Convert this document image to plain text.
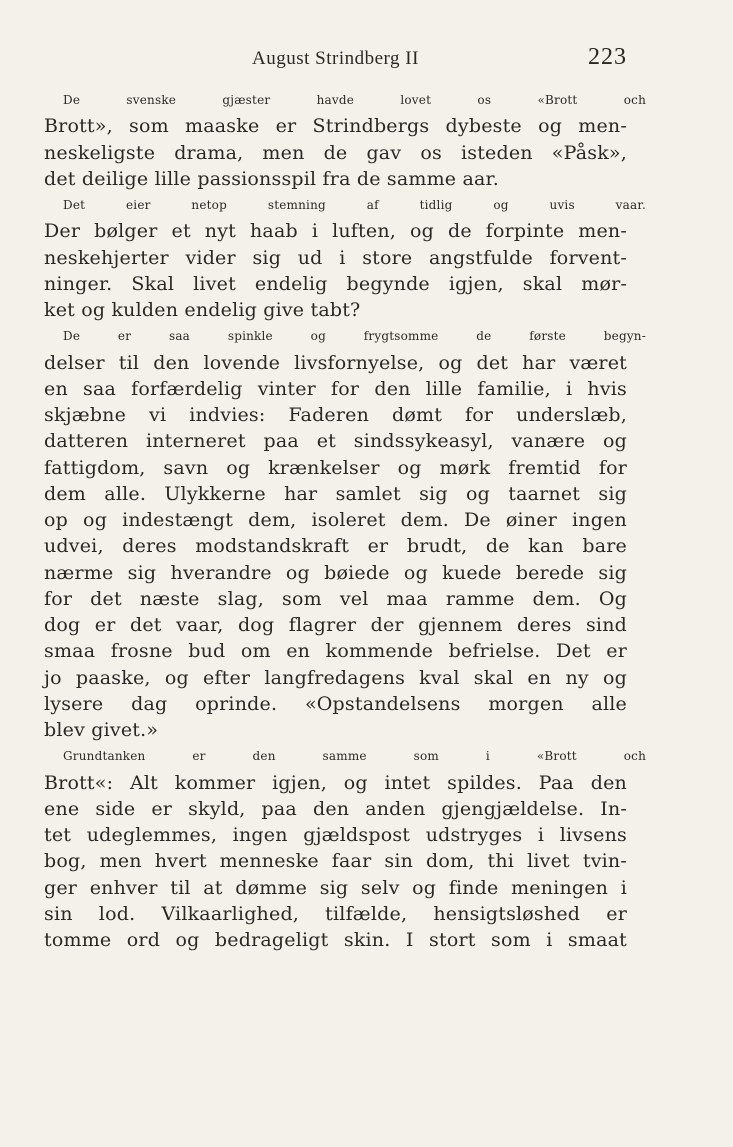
August Strindberg II	223
De svenske gjæster havde lovet os «Brott och
Brott», som maaske er Strindbergs dybeste og men-
neskeligste drama, men de gav os isteden «Påsk»,
det deilige lille passionsspil fra de samme aar.
Det eier netop stemning af tidlig og uvis vaar.
Der bølger et nyt haab i luften, og de forpinte men-
neskehjerter vider sig ud i store angstfulde forvent-
ninger. Skal livet endelig begynde igjen, skal mør-
ket og kulden endelig give tabt?
De er saa spinkle og frygtsomme de første begyn-
delser til den lovende livsfornyelse, og det har været
en saa forfærdelig vinter for den lille familie, i hvis
skjæbne vi indvies: Faderen dømt for underslæb,
datteren interneret paa et sindssykeasyl, vanære og
fattigdom, savn og krænkelser og mørk fremtid for
dem alle. Ulykkerne har samlet sig og taarnet sig
op og indestængt dem, isoleret dem. De øiner ingen
udvei, deres modstandskraft er brudt, de kan bare
nærme sig hverandre og bøiede og kuede berede sig
for det næste slag, som vel maa ramme dem. Og
dog er det vaar, dog flagrer der gjennem deres sind
smaa frosne bud om en kommende befrielse. Det er
jo paaske, og efter langfredagens kval skal en ny og
lysere dag oprinde. «Opstandelsens morgen alle
blev givet.»
Grundtanken er den samme som i «Brott och
Brott«: Alt kommer igjen, og intet spildes. Paa den
ene side er skyld, paa den anden gjengjældelse. In-
tet udeglemmes, ingen gjældspost udstryges i livsens
bog, men hvert menneske faar sin dom, thi livet tvin-
ger enhver til at dømme sig selv og finde meningen i
sin lod. Vilkaarlighed, tilfælde, hensigtsløshed er
tomme ord og bedrageligt skin. I stort som i smaat
